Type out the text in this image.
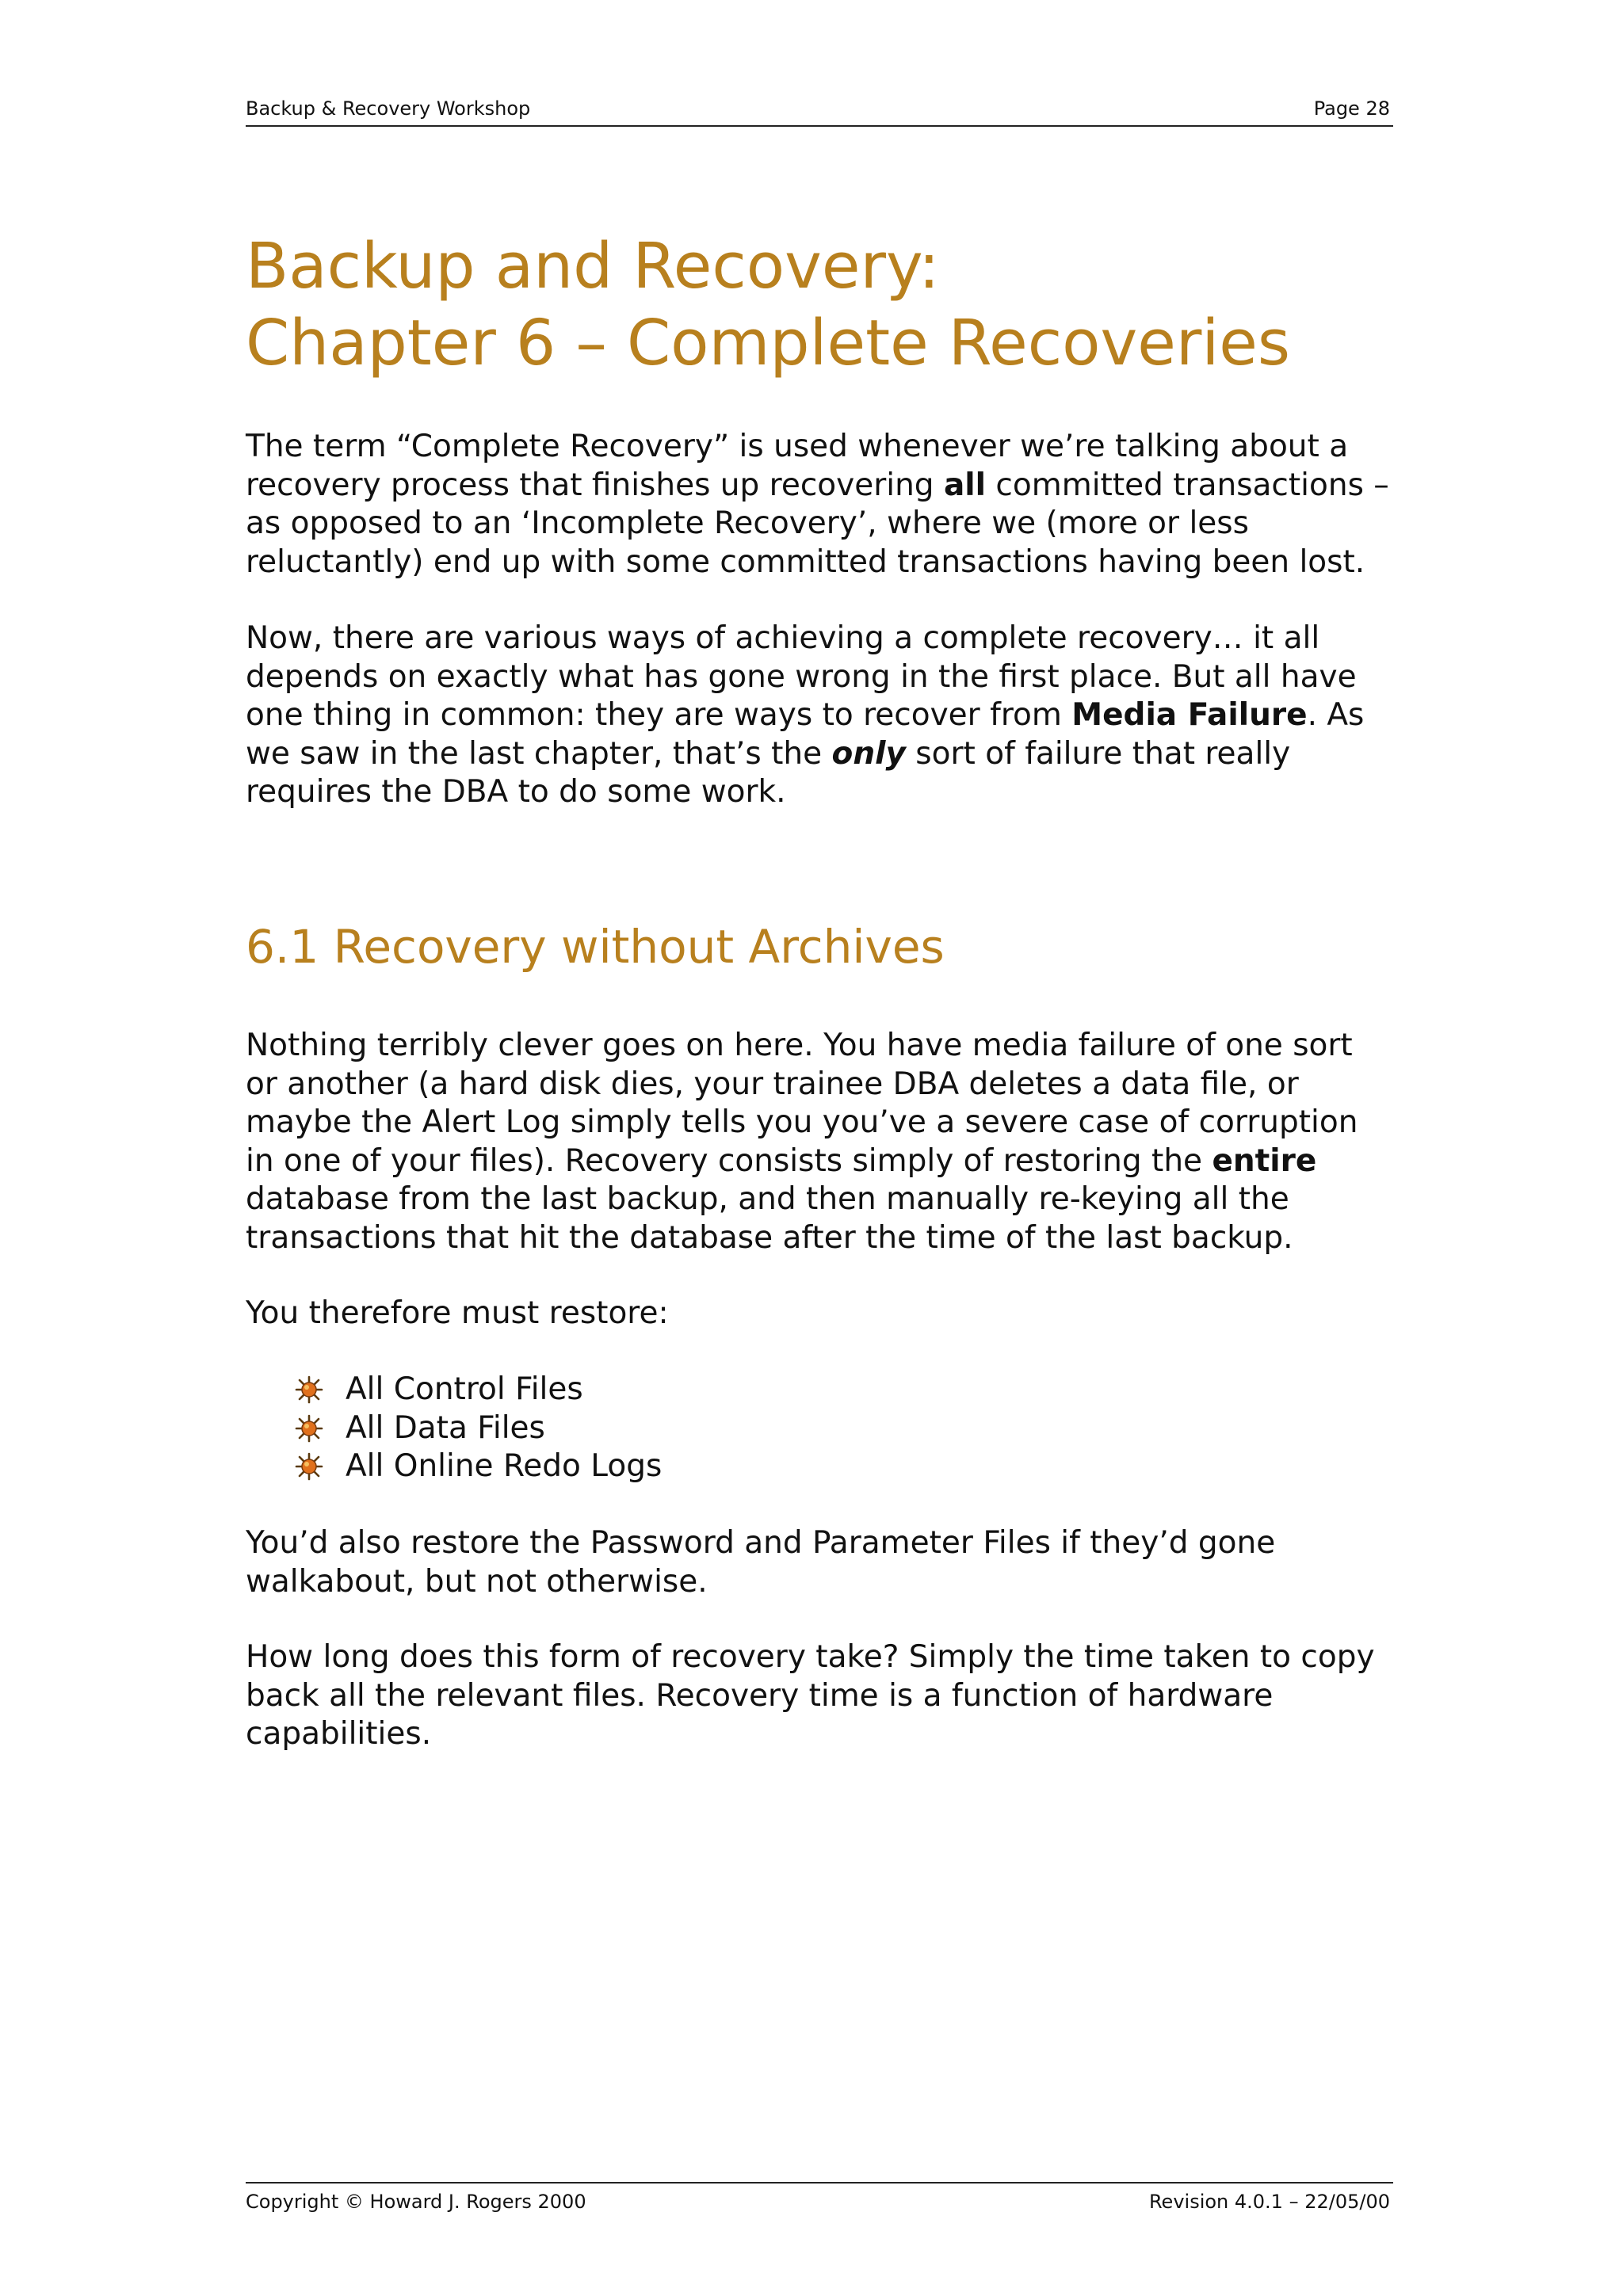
Backup & Recovery Workshop	Page 28
Backup and Recovery:
Chapter 6 – Complete Recoveries

The term “Complete Recovery” is used whenever we’re talking about a recovery process that finishes up recovering all committed transactions –as opposed to an ‘Incomplete Recovery’, where we (more or less reluctantly) end up with some committed transactions having been lost.

Now, there are various ways of achieving a complete recovery… it all depends on exactly what has gone wrong in the first place. But all have one thing in common: they are ways to recover from Media Failure. As we saw in the last chapter, that’s the only sort of failure that really requires the DBA to do some work.

6.1 Recovery without Archives

Nothing terribly clever goes on here. You have media failure of one sort or another (a hard disk dies, your trainee DBA deletes a data file, or maybe the Alert Log simply tells you you’ve a severe case of corruption in one of your files). Recovery consists simply of restoring the entire database from the last backup, and then manually re-keying all the transactions that hit the database after the time of the last backup.

You therefore must restore:

All Control Files
All Data Files
All Online Redo Logs

You’d also restore the Password and Parameter Files if they’d gone walkabout, but not otherwise.

How long does this form of recovery take? Simply the time taken to copy back all the relevant files. Recovery time is a function of hardware capabilities.

Copyright © Howard J. Rogers 2000	Revision 4.0.1 – 22/05/00
